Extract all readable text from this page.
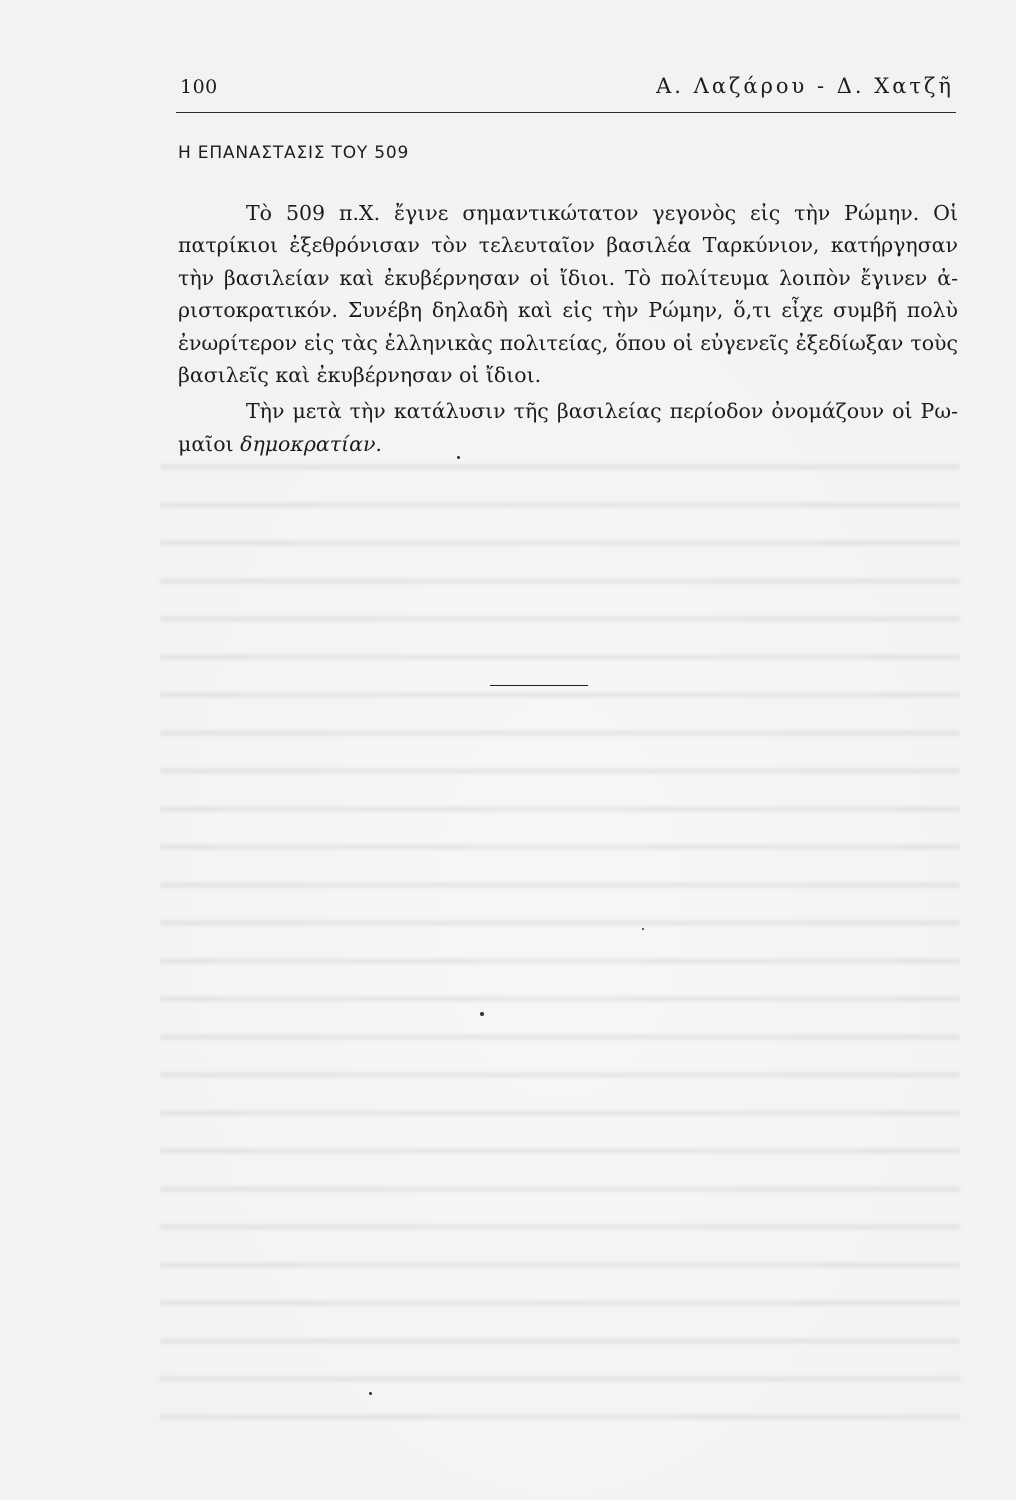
100	Α. Λαζάρου - Δ. Χατζῆ
Η ΕΠΑΝΑΣΤΑΣΙΣ ΤΟΥ 509

Τὸ 509 π.Χ. ἔγινε σημαντικώτατον γεγονὸς εἰς τὴν Ρώμην. Οἱ πατρίκιοι ἐξεθρόνισαν τὸν τελευταῖον βασιλέα Ταρκύνιον, κατήργησαν τὴν βασιλείαν καὶ ἐκυβέρνησαν οἱ ἴδιοι. Τὸ πολίτευμα λοιπὸν ἔγινεν ἀριστοκρατικόν. Συνέβη δηλαδὴ καὶ εἰς τὴν Ρώμην, ὅ,τι εἶχε συμβῆ πολὺ ἐνωρίτερον εἰς τὰς ἑλληνικὰς πολιτείας, ὅπου οἱ εὐγενεῖς ἐξεδίωξαν τοὺς βασιλεῖς καὶ ἐκυβέρνησαν οἱ ἴδιοι.

Τὴν μετὰ τὴν κατάλυσιν τῆς βασιλείας περίοδον ὀνομάζουν οἱ Ρωμαῖοι δημοκρατίαν.
